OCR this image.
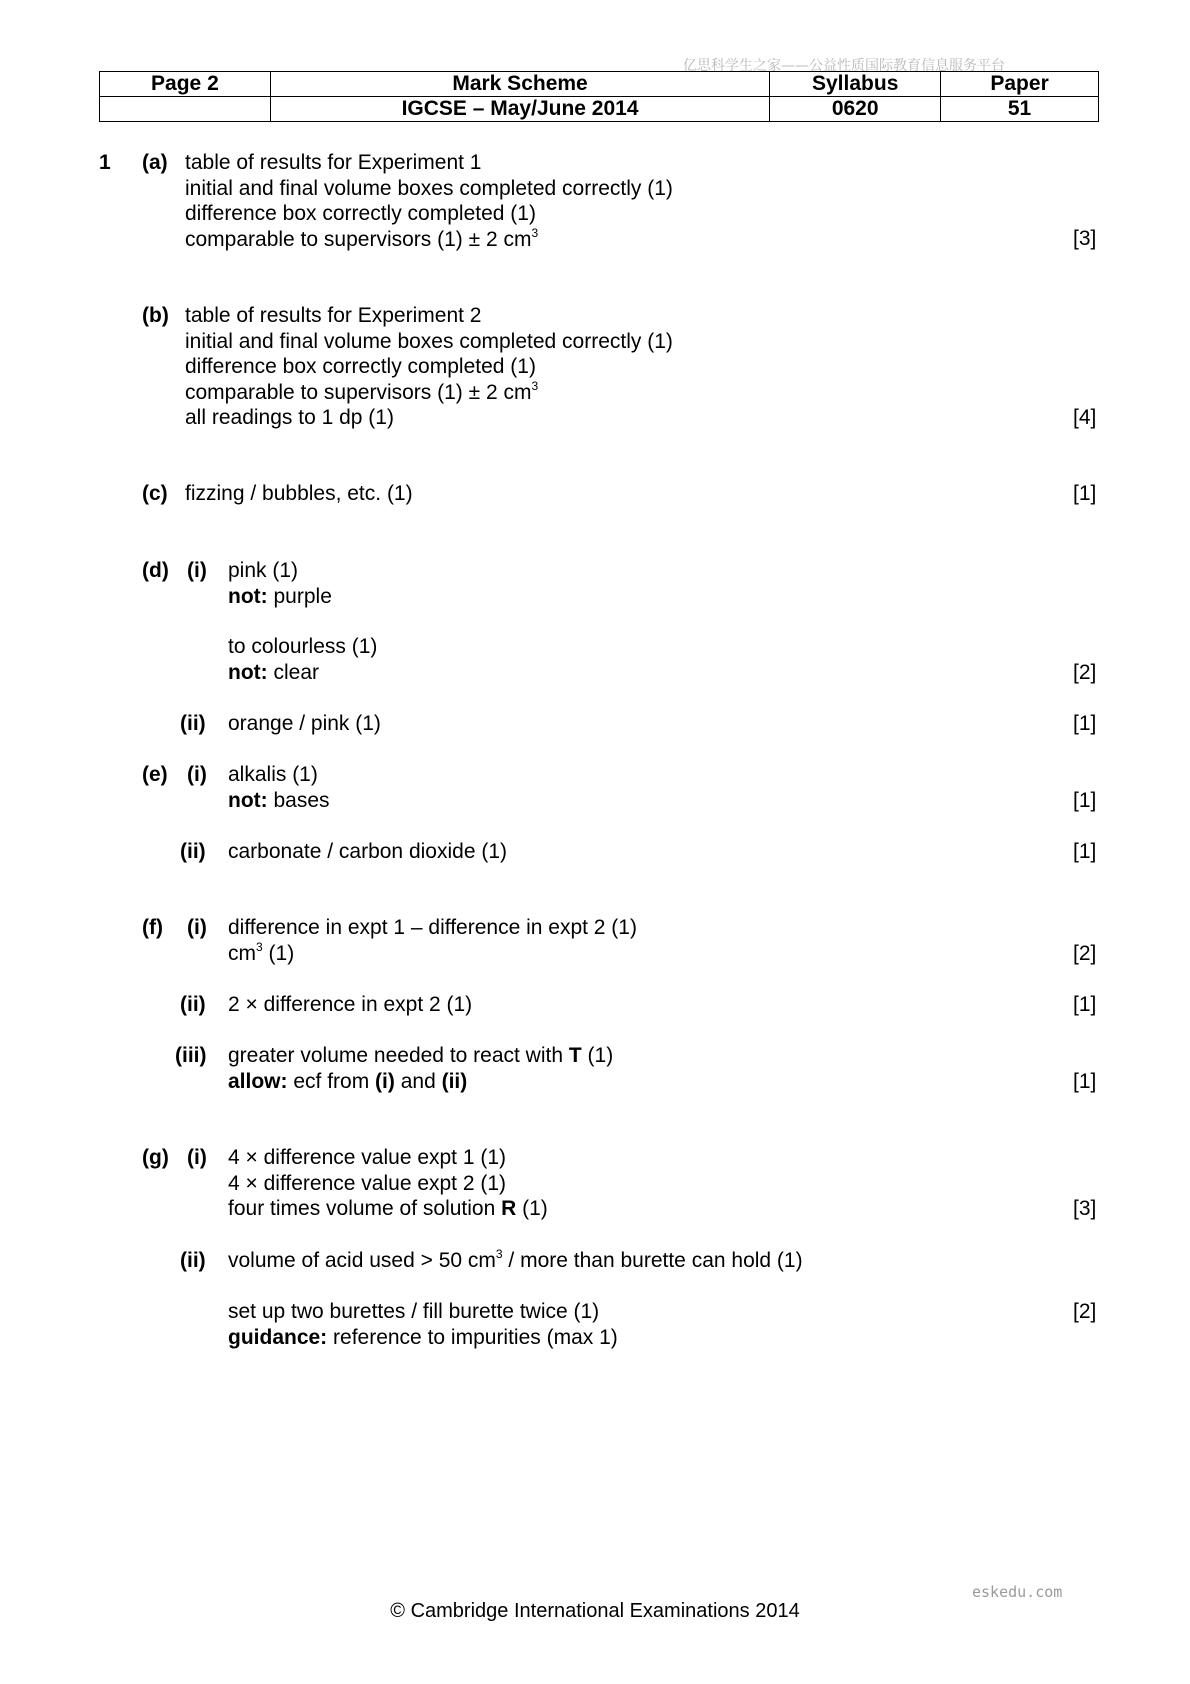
亿思科学生之家——公益性质国际教育信息服务平台
Page 2	Mark Scheme	Syllabus	Paper
	IGCSE – May/June 2014	0620	51
1 (a) table of results for Experiment 1
initial and final volume boxes completed correctly (1)
difference box correctly completed (1)
comparable to supervisors (1) ± 2 $cm^3$	[3]
(b) table of results for Experiment 2
initial and final volume boxes completed correctly (1)
difference box correctly completed (1)
comparable to supervisors (1) ± 2 $cm^3$
all readings to 1 dp (1)	[4]
(c) fizzing / bubbles, etc. (1)	[1]
(d) (i) pink (1)
not: purple
to colourless (1)
not: clear	[2]
(ii) orange / pink (1)	[1]
(e) (i) alkalis (1)
not: bases	[1]
(ii) carbonate / carbon dioxide (1)	[1]
(f) (i) difference in expt 1 – difference in expt 2 (1)
$cm^3$ (1)	[2]
(ii) 2 × difference in expt 2 (1)	[1]
(iii) greater volume needed to react with T (1)
allow: ecf from (i) and (ii)	[1]
(g) (i) 4 × difference value expt 1 (1)
4 × difference value expt 2 (1)
four times volume of solution R (1)	[3]
(ii) volume of acid used > 50 $cm^3$ / more than burette can hold (1)
set up two burettes / fill burette twice (1)
guidance: reference to impurities (max 1)
[2]
eskedu.com
© Cambridge International Examinations 2014
